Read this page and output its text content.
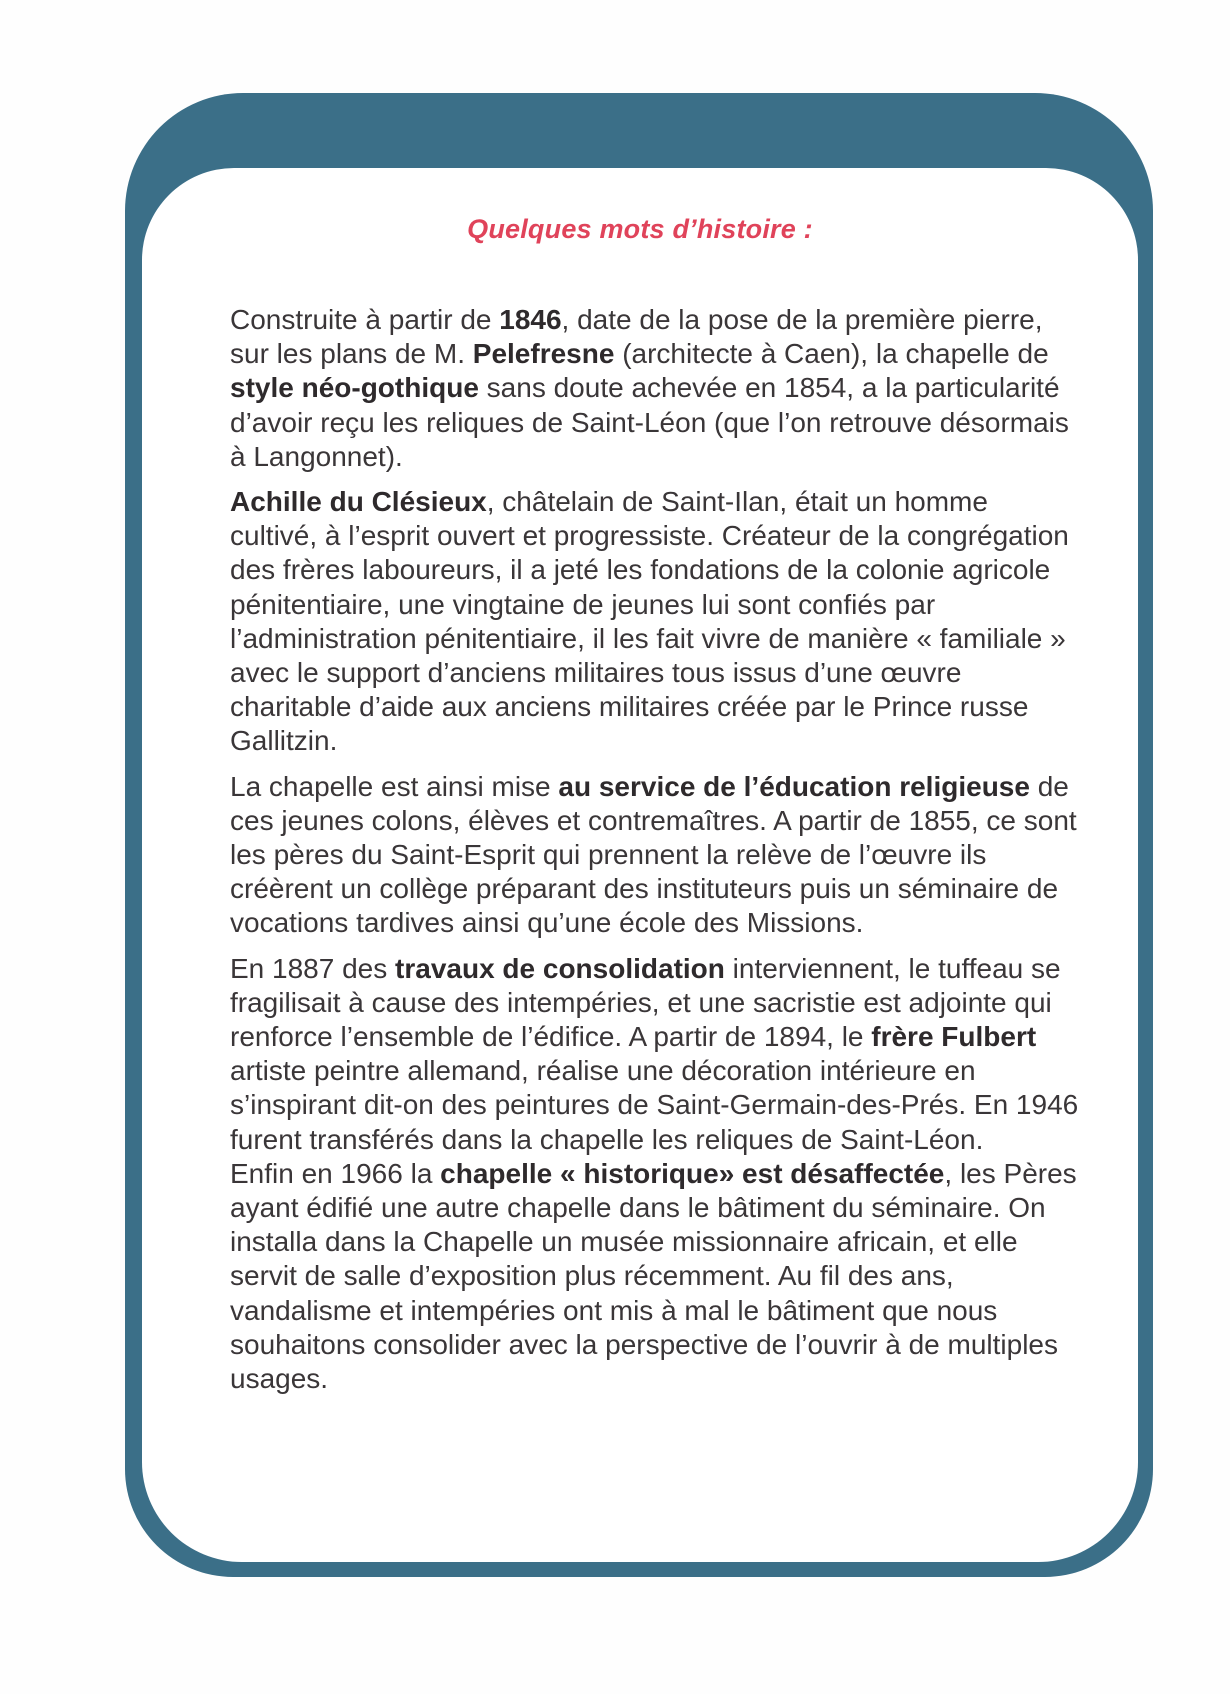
Quelques mots d’histoire :

Construite à partir de 1846, date de la pose de la première pierre, sur les plans de M. Pelefresne (architecte à Caen), la chapelle de style néo-gothique sans doute achevée en 1854, a la particularité d’avoir reçu les reliques de Saint-Léon (que l’on retrouve désormais à Langonnet).

Achille du Clésieux, châtelain de Saint-Ilan, était un homme cultivé, à l’esprit ouvert et progressiste. Créateur de la congrégation des frères laboureurs, il a jeté les fondations de la colonie agricole pénitentiaire, une vingtaine de jeunes lui sont confiés par l’administration pénitentiaire, il les fait vivre de manière « familiale » avec le support d’anciens militaires tous issus d’une œuvre charitable d’aide aux anciens militaires créée par le Prince russe Gallitzin.

La chapelle est ainsi mise au service de l’éducation religieuse de ces jeunes colons, élèves et contremaîtres. A partir de 1855, ce sont les pères du Saint-Esprit qui prennent la relève de l’œuvre ils créèrent un collège préparant des instituteurs puis un séminaire de vocations tardives ainsi qu’une école des Missions.

En 1887 des travaux de consolidation interviennent, le tuffeau se fragilisait à cause des intempéries, et une sacristie est adjointe qui renforce l’ensemble de l’édifice. A partir de 1894, le frère Fulbert artiste peintre allemand, réalise une décoration intérieure en s’inspirant dit-on des peintures de Saint-Germain-des-Prés. En 1946 furent transférés dans la chapelle les reliques de Saint-Léon.

Enfin en 1966 la chapelle « historique» est désaffectée, les Pères ayant édifié une autre chapelle dans le bâtiment du séminaire. On installa dans la Chapelle un musée missionnaire africain, et elle servit de salle d’exposition plus récemment. Au fil des ans, vandalisme et intempéries ont mis à mal le bâtiment que nous souhaitons consolider avec la perspective de l’ouvrir à de multiples usages.
